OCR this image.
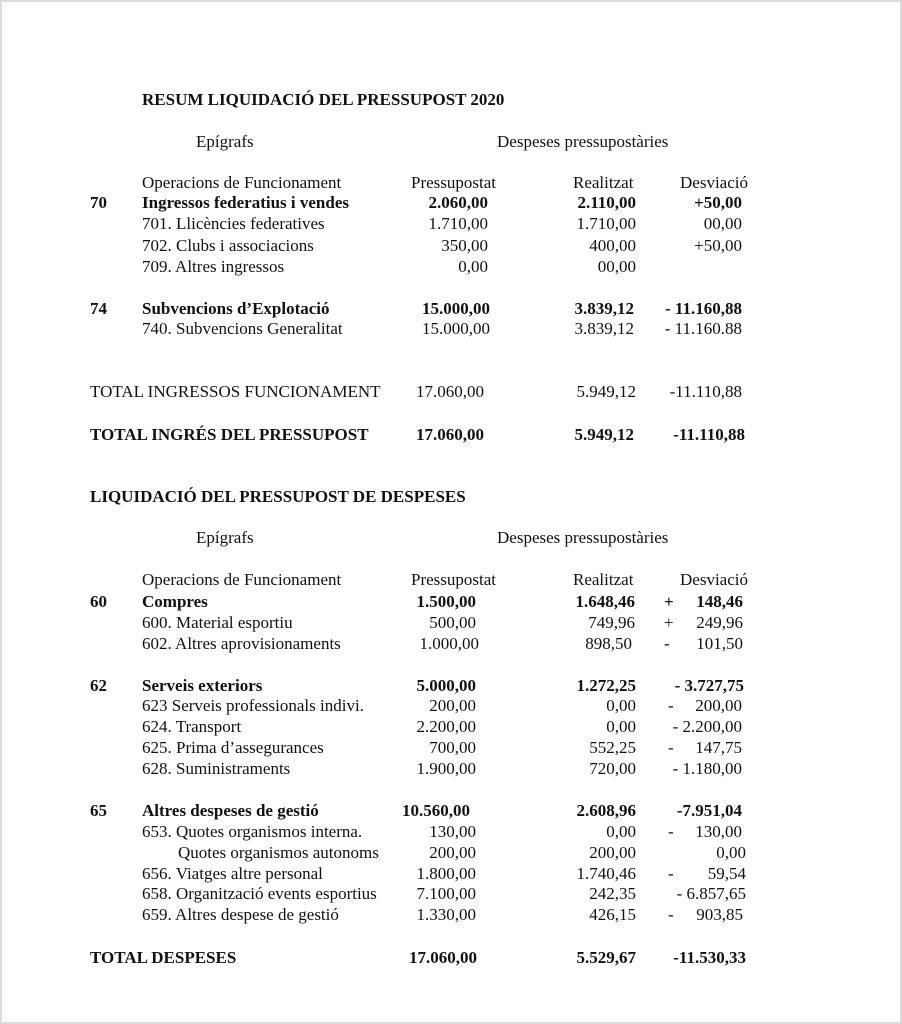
RESUM LIQUIDACIÓ DEL PRESSUPOST 2020
Epígrafs	Despeses pressupostàries
Operacions de Funcionament	Pressupostat	Realitzat	Desviació
70 Ingressos federatius i vendes	2.060,00	2.110,00	+50,00
701. Llicències federatives	1.710,00	1.710,00	00,00
702. Clubs i associacions	350,00	400,00	+50,00
709. Altres ingressos	0,00	00,00
74 Subvencions d’Explotació	15.000,00	3.839,12	- 11.160,88
740. Subvencions Generalitat	15.000,00	3.839,12	- 11.160.88
TOTAL INGRESSOS FUNCIONAMENT	17.060,00	5.949,12	-11.110,88
TOTAL INGRÉS DEL PRESSUPOST	17.060,00	5.949,12	-11.110,88
LIQUIDACIÓ DEL PRESSUPOST DE DESPESES
Epígrafs	Despeses pressupostàries
Operacions de Funcionament	Pressupostat	Realitzat	Desviació
60 Compres	1.500,00	1.648,46 +	148,46
600. Material esportiu	500,00	749,96 +	249,96
602. Altres aprovisionaments	1.000,00	898,50 -	101,50
62 Serveis exteriors	5.000,00	1.272,25	- 3.727,75
623 Serveis professionals indivi.	200,00	0,00 -	200,00
624. Transport	2.200,00	0,00	- 2.200,00
625. Prima d’assegurances	700,00	552,25 -	147,75
628. Suministraments	1.900,00	720,00	- 1.180,00
65 Altres despeses de gestió	10.560,00	2.608,96	-7.951,04
653. Quotes organismos interna.	130,00	0,00 -	130,00
Quotes organismos autonoms	200,00	200,00	0,00
656. Viatges altre personal	1.800,00	1.740,46 -	59,54
658. Organització events esportius	7.100,00	242,35	- 6.857,65
659. Altres despese de gestió	1.330,00	426,15 -	903,85
TOTAL DESPESES	17.060,00	5.529,67	-11.530,33
